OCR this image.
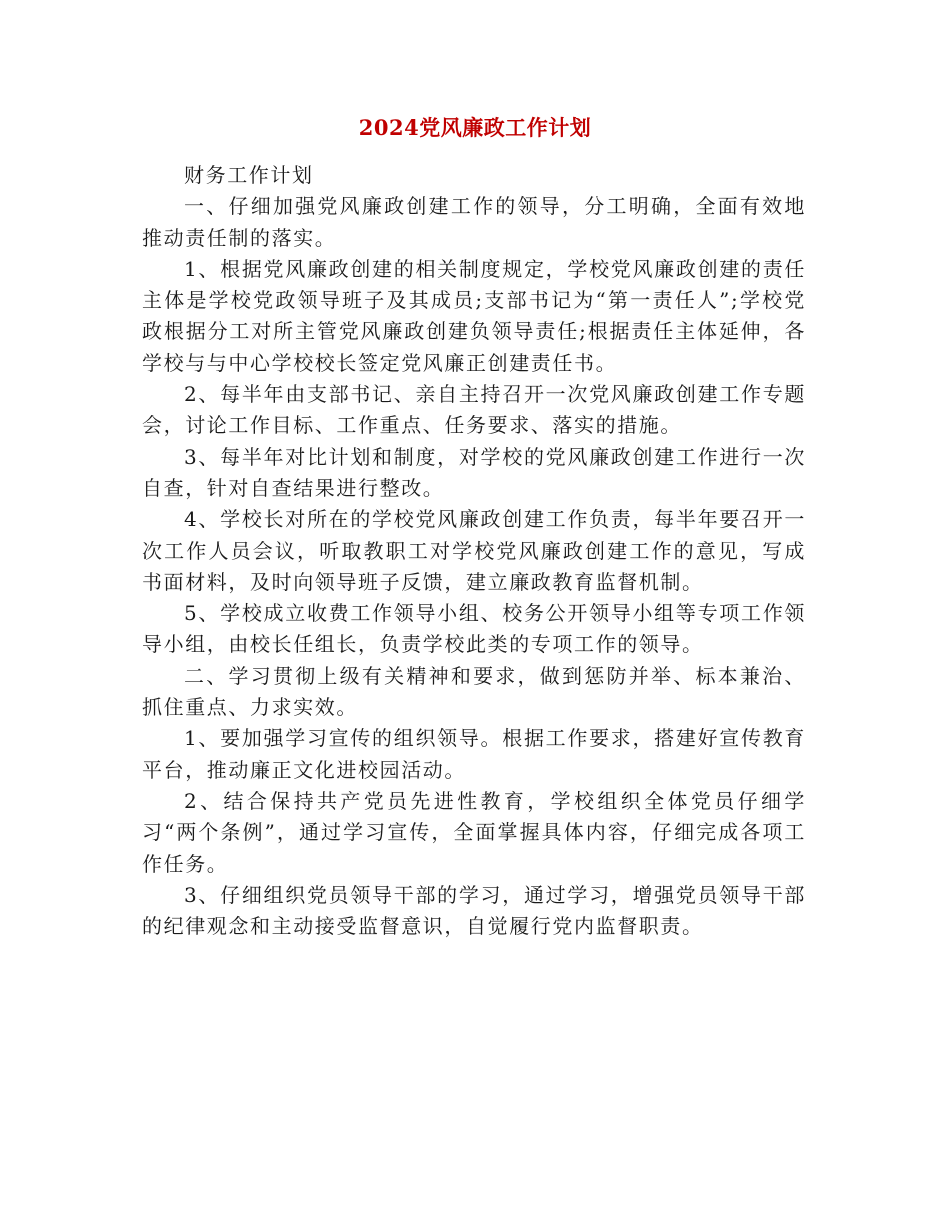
2024党风廉政工作计划

财务工作计划

一、仔细加强党风廉政创建工作的领导，分工明确，全面有效地推动责任制的落实。

1、根据党风廉政创建的相关制度规定，学校党风廉政创建的责任主体是学校党政领导班子及其成员;支部书记为“第一责任人”;学校党政根据分工对所主管党风廉政创建负领导责任;根据责任主体延伸，各学校与与中心学校校长签定党风廉正创建责任书。

2、每半年由支部书记、亲自主持召开一次党风廉政创建工作专题会，讨论工作目标、工作重点、任务要求、落实的措施。

3、每半年对比计划和制度，对学校的党风廉政创建工作进行一次自查，针对自查结果进行整改。

4、学校长对所在的学校党风廉政创建工作负责，每半年要召开一次工作人员会议，听取教职工对学校党风廉政创建工作的意见，写成书面材料，及时向领导班子反馈，建立廉政教育监督机制。

5、学校成立收费工作领导小组、校务公开领导小组等专项工作领导小组，由校长任组长，负责学校此类的专项工作的领导。

二、学习贯彻上级有关精神和要求，做到惩防并举、标本兼治、抓住重点、力求实效。

1、要加强学习宣传的组织领导。根据工作要求，搭建好宣传教育平台，推动廉正文化进校园活动。

2、结合保持共产党员先进性教育，学校组织全体党员仔细学习“两个条例”，通过学习宣传，全面掌握具体内容，仔细完成各项工作任务。

3、仔细组织党员领导干部的学习，通过学习，增强党员领导干部的纪律观念和主动接受监督意识，自觉履行党内监督职责。
